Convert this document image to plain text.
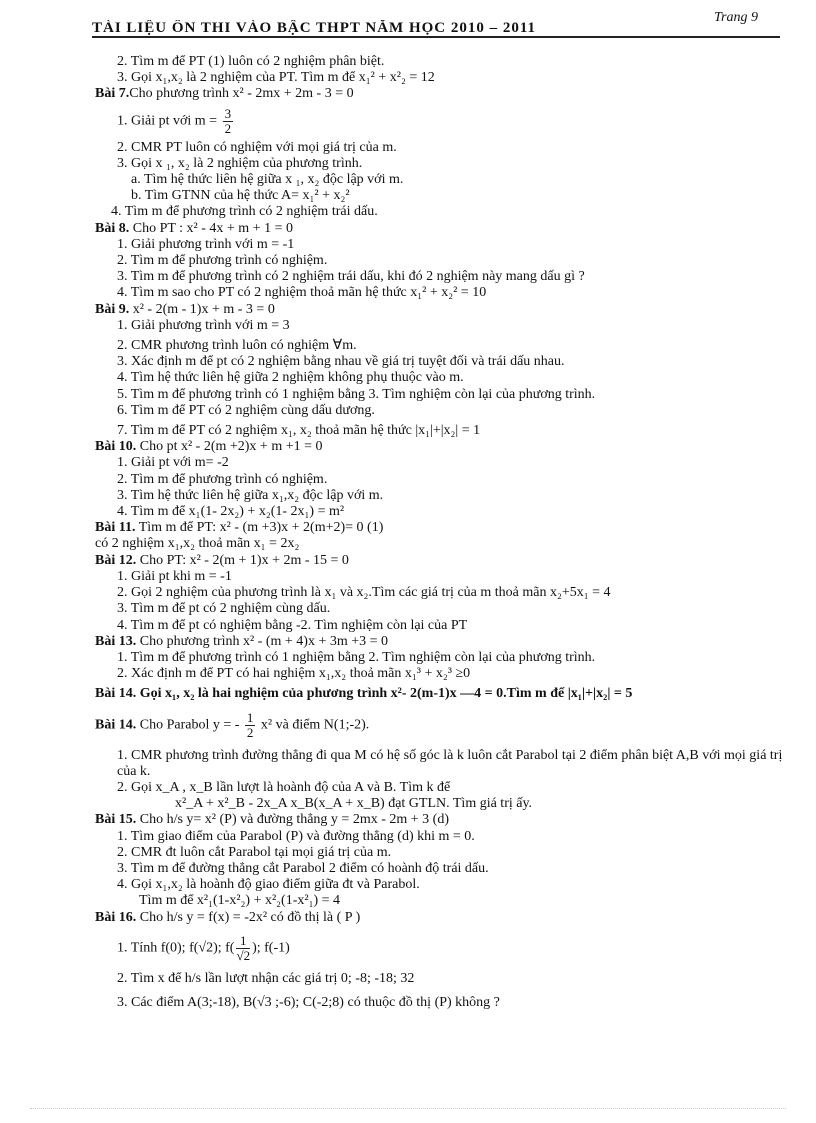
TÀI LIỆU ÔN THI VÀO BẬC THPT NĂM HỌC 2010 – 2011
Trang 9
2. Tìm m để PT (1) luôn có 2 nghiệm phân biệt.
3. Gọi x₁,x₂ là 2 nghiệm của PT. Tìm m để x₁² + x²₂ = 12
Bài 7.Cho phương trình x² - 2mx + 2m - 3 = 0
1. Giải pt với $m = \frac{3}{2}$
2. CMR PT luôn có nghiệm với mọi giá trị của m.
3. Gọi x ₁, x₂ là 2 nghiệm của phương trình.
a. Tìm hệ thức liên hệ giữa x ₁, x₂ độc lập với m.
b. Tìm GTNN của hệ thức A= x₁² + x₂²
4. Tìm m để phương trình có 2 nghiệm trái dấu.
Bài 8. Cho PT : x² - 4x + m + 1 = 0
1. Giải phương trình với m = -1
2. Tìm m để phương trình có nghiệm.
3. Tìm m để phương trình có 2 nghiệm trái dấu, khi đó 2 nghiệm này mang dấu gì ?
4. Tìm m sao cho PT có 2 nghiệm thoả mãn hệ thức x₁² + x₂² = 10
Bài 9. x² - 2(m - 1)x + m - 3 = 0
1. Giải phương trình với m = 3
2. CMR phương trình luôn có nghiệm ∀m.
3. Xác định m để pt có 2 nghiệm bằng nhau về giá trị tuyệt đối và trái dấu nhau.
4. Tìm hệ thức liên hệ giữa 2 nghiệm không phụ thuộc vào m.
5. Tìm m để phương trình có 1 nghiệm bằng 3. Tìm nghiệm còn lại của phương trình.
6. Tìm m để PT có 2 nghiệm cùng dấu dương.
7. Tìm m để PT có 2 nghiệm x₁, x₂ thoả mãn hệ thức |x₁|+|x₂| = 1
Bài 10. Cho pt x² - 2(m +2)x + m +1 = 0
1. Giải pt với m= -2
2. Tìm m để phương trình có nghiệm.
3. Tìm hệ thức liên hệ giữa x₁,x₂ độc lập với m.
4. Tìm m để x₁(1- 2x₂) + x₂(1- 2x₁) = m²
Bài 11. Tìm m để PT: x² - (m +3)x + 2(m+2)= 0 (1)
có 2 nghiệm x₁,x₂ thoả mãn x₁ = 2x₂
Bài 12. Cho PT: x² - 2(m + 1)x + 2m - 15 = 0
1. Giải pt khi m = -1
2. Gọi 2 nghiệm của phương trình là x₁ và x₂.Tìm các giá trị của m thoả mãn x₂+5x₁ = 4
3. Tìm m để pt có 2 nghiệm cùng dấu.
4. Tìm m để pt có nghiệm bằng -2. Tìm nghiệm còn lại của PT
Bài 13. Cho phương trình x² - (m + 4)x + 3m +3 = 0
1. Tìm m để phương trình có 1 nghiệm bằng 2. Tìm nghiệm còn lại của phương trình.
2. Xác định m để PT có hai nghiệm x₁,x₂ thoả mãn x₁³ + x₂³ ≥0
Bài 14. Gọi x₁, x₂ là hai nghiệm của phương trình x²- 2(m-1)x —4 = 0.Tìm m để |x₁|+|x₂| = 5
Bài 14. Cho Parabol y = - $\frac{1}{2} x^2$ và điểm N(1;-2).
1. CMR phương trình đường thẳng đi qua M có hệ số góc là k luôn cắt Parabol tại 2 điểm phân biệt A,B với mọi giá trị của k.
2. Gọi x_A , x_B lần lượt là hoành độ của A và B. Tìm k để
x²_A + x²_B - 2x_A x_B(x_A + x_B) đạt GTLN. Tìm giá trị ấy.
Bài 15. Cho h/s y= x² (P) và đường thẳng y = 2mx - 2m + 3 (d)
1. Tìm giao điểm của Parabol (P) và đường thẳng (d) khi m = 0.
2. CMR đt luôn cắt Parabol tại mọi giá trị của m.
3. Tìm m để đường thẳng cắt Parabol 2 điểm có hoành độ trái dấu.
4. Gọi x₁,x₂ là hoành độ giao điểm giữa đt và Parabol.
Tìm m để x²₁(1-x²₂) + x²₂(1-x²₁) = 4
Bài 16. Cho h/s y = f(x) = -2x² có đồ thị là ( P )
1. Tính f(0); f(√2); $f( \frac{1}{√2}$ ); f(-1)
2. Tìm x để h/s lần lượt nhận các giá trị 0; -8; -18; 32
3. Các điểm A(3;-18), B(√3 ;-6); C(-2;8) có thuộc đồ thị (P) không ?
